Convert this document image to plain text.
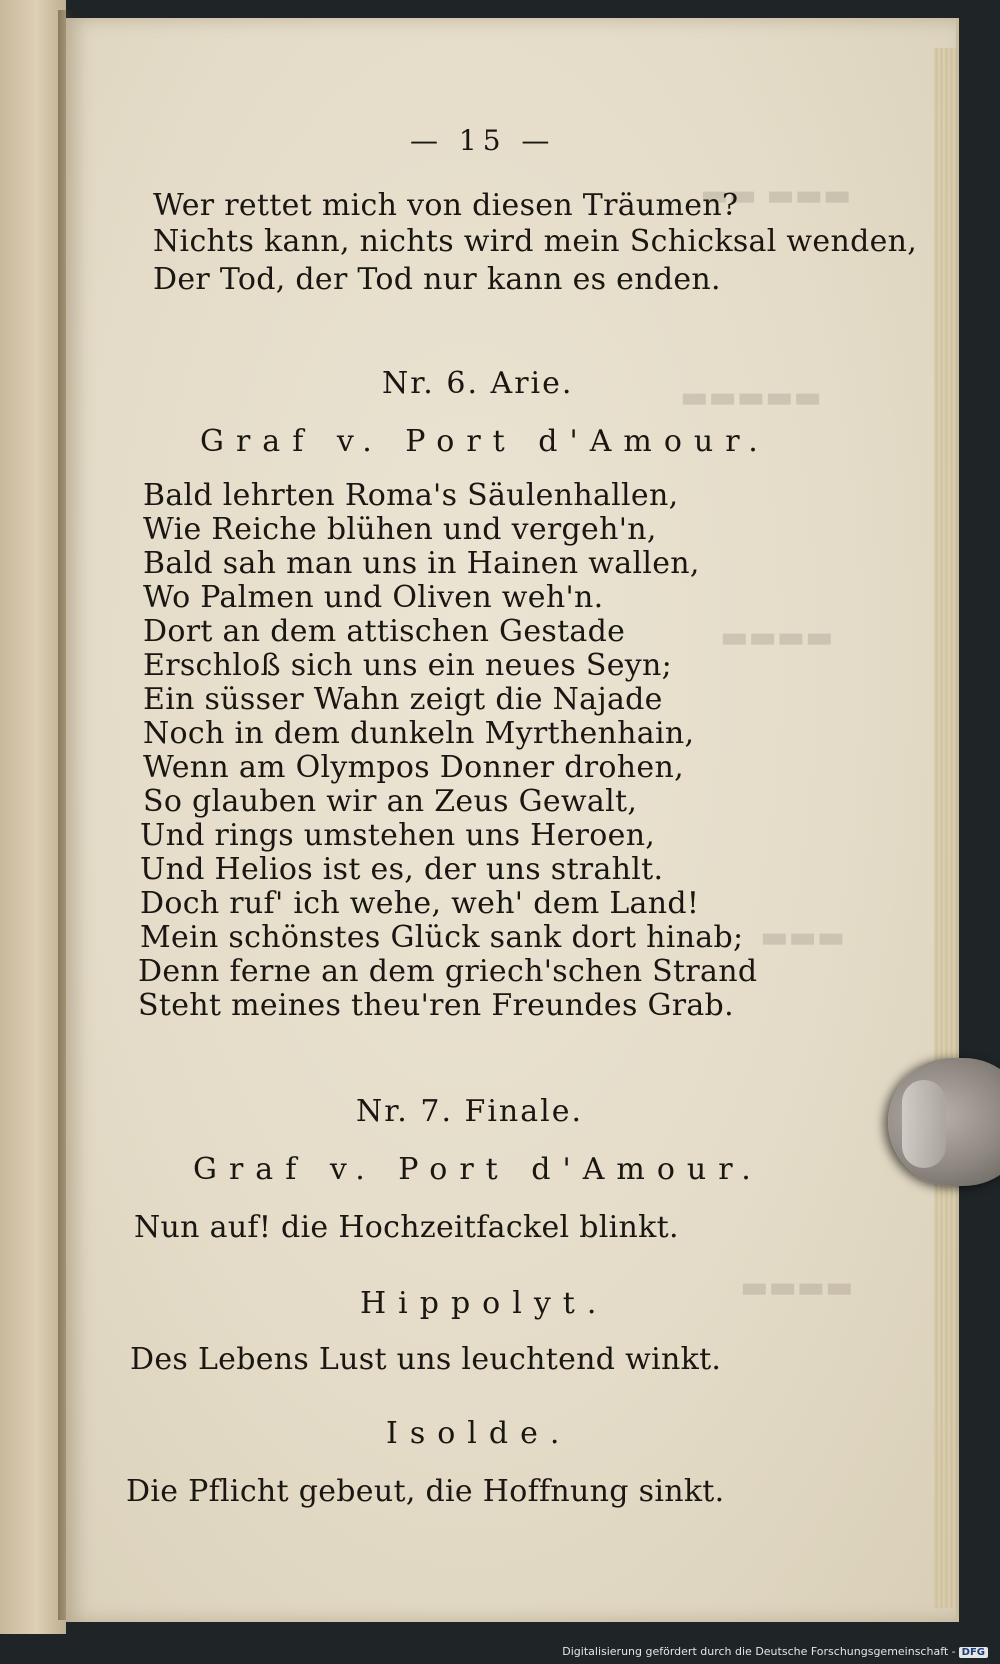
▬▬▬ ▬▬
▬▬▬▬▬
▬▬▬▬
▬▬▬
▬▬▬▬
— 15 —
Wer rettet mich von diesen Träumen?
Nichts kann, nichts wird mein Schicksal wenden,
Der Tod, der Tod nur kann es enden.
Nr. 6. Arie.
Graf v. Port d'Amour.
Bald lehrten Roma's Säulenhallen,
Wie Reiche blühen und vergeh'n,
Bald sah man uns in Hainen wallen,
Wo Palmen und Oliven weh'n.
Dort an dem attischen Gestade
Erschloß sich uns ein neues Seyn;
Ein süsser Wahn zeigt die Najade
Noch in dem dunkeln Myrthenhain,
Wenn am Olympos Donner drohen,
So glauben wir an Zeus Gewalt,
Und rings umstehen uns Heroen,
Und Helios ist es, der uns strahlt.
Doch ruf' ich wehe, weh' dem Land!
Mein schönstes Glück sank dort hinab;
Denn ferne an dem griech'schen Strand
Steht meines theu'ren Freundes Grab.
Nr. 7. Finale.
Graf v. Port d'Amour.
Nun auf! die Hochzeitfackel blinkt.
Hippolyt.
Des Lebens Lust uns leuchtend winkt.
Isolde.
Die Pflicht gebeut, die Hoffnung sinkt.
Digitalisierung gefördert durch die Deutsche Forschungsgemeinschaft - DFG
